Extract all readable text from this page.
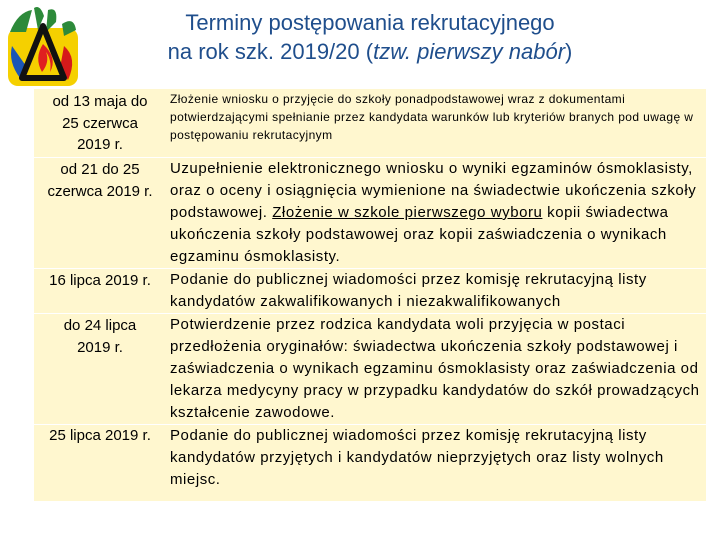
Terminy postępowania rekrutacyjnego
na rok szk. 2019/20 (tzw. pierwszy nabór)
od 13 maja do
25 czerwca
2019 r.
Złożenie wniosku o przyjęcie do szkoły ponadpodstawowej wraz z dokumentami potwierdzającymi spełnianie przez kandydata warunków lub kryteriów branych pod uwagę w postępowaniu rekrutacyjnym
od 21 do 25
czerwca 2019 r.
Uzupełnienie elektronicznego wniosku o wyniki egzaminów ósmoklasisty, oraz o oceny i osiągnięcia wymienione na świadectwie ukończenia szkoły podstawowej. Złożenie w szkole pierwszego wyboru kopii świadectwa ukończenia szkoły podstawowej oraz kopii zaświadczenia o wynikach egzaminu ósmoklasisty.
16 lipca 2019 r.	Podanie do publicznej wiadomości przez komisję rekrutacyjną listy kandydatów zakwalifikowanych i niezakwalifikowanych
do 24 lipca
2019 r.
Potwierdzenie przez rodzica kandydata woli przyjęcia w postaci przedłożenia oryginałów: świadectwa ukończenia szkoły podstawowej i zaświadczenia o wynikach egzaminu ósmoklasisty oraz zaświadczenia od lekarza medycyny pracy w przypadku kandydatów do szkół prowadzących kształcenie zawodowe.
25 lipca 2019 r.	Podanie do publicznej wiadomości przez komisję rekrutacyjną listy kandydatów przyjętych i kandydatów nieprzyjętych oraz listy wolnych miejsc.
